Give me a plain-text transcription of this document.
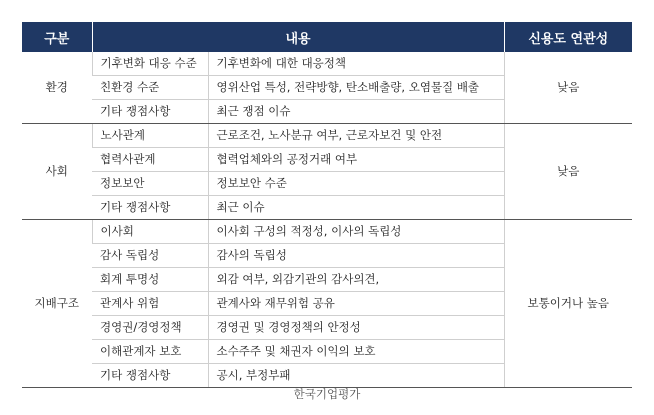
구분	내용		신용도 연관성
환경	기후변화 대응 수준	기후변화에 대한 대응정책	낮음
	친환경 수준	영위산업 특성, 전략방향, 탄소배출량, 오염물질 배출	
	기타 쟁점사항	최근 쟁점 이슈	
사회	노사관계	근로조건, 노사분규 여부, 근로자보건 및 안전	낮음
	협력사관계	협력업체와의 공정거래 여부	
	정보보안	정보보안 수준	
	기타 쟁점사항	최근 이슈	
지배구조	이사회	이사회 구성의 적정성, 이사의 독립성	보통이거나 높음
	감사 독립성	감사의 독립성	
	회계 투명성	외감 여부, 외감기관의 감사의견,	
	관계사 위험	관계사와 재무위험 공유	
	경영권/경영정책	경영권 및 경영정책의 안정성	
	이해관계자 보호	소수주주 및 채권자 이익의 보호	
	기타 쟁점사항	공시, 부정부패	
한국기업평가
